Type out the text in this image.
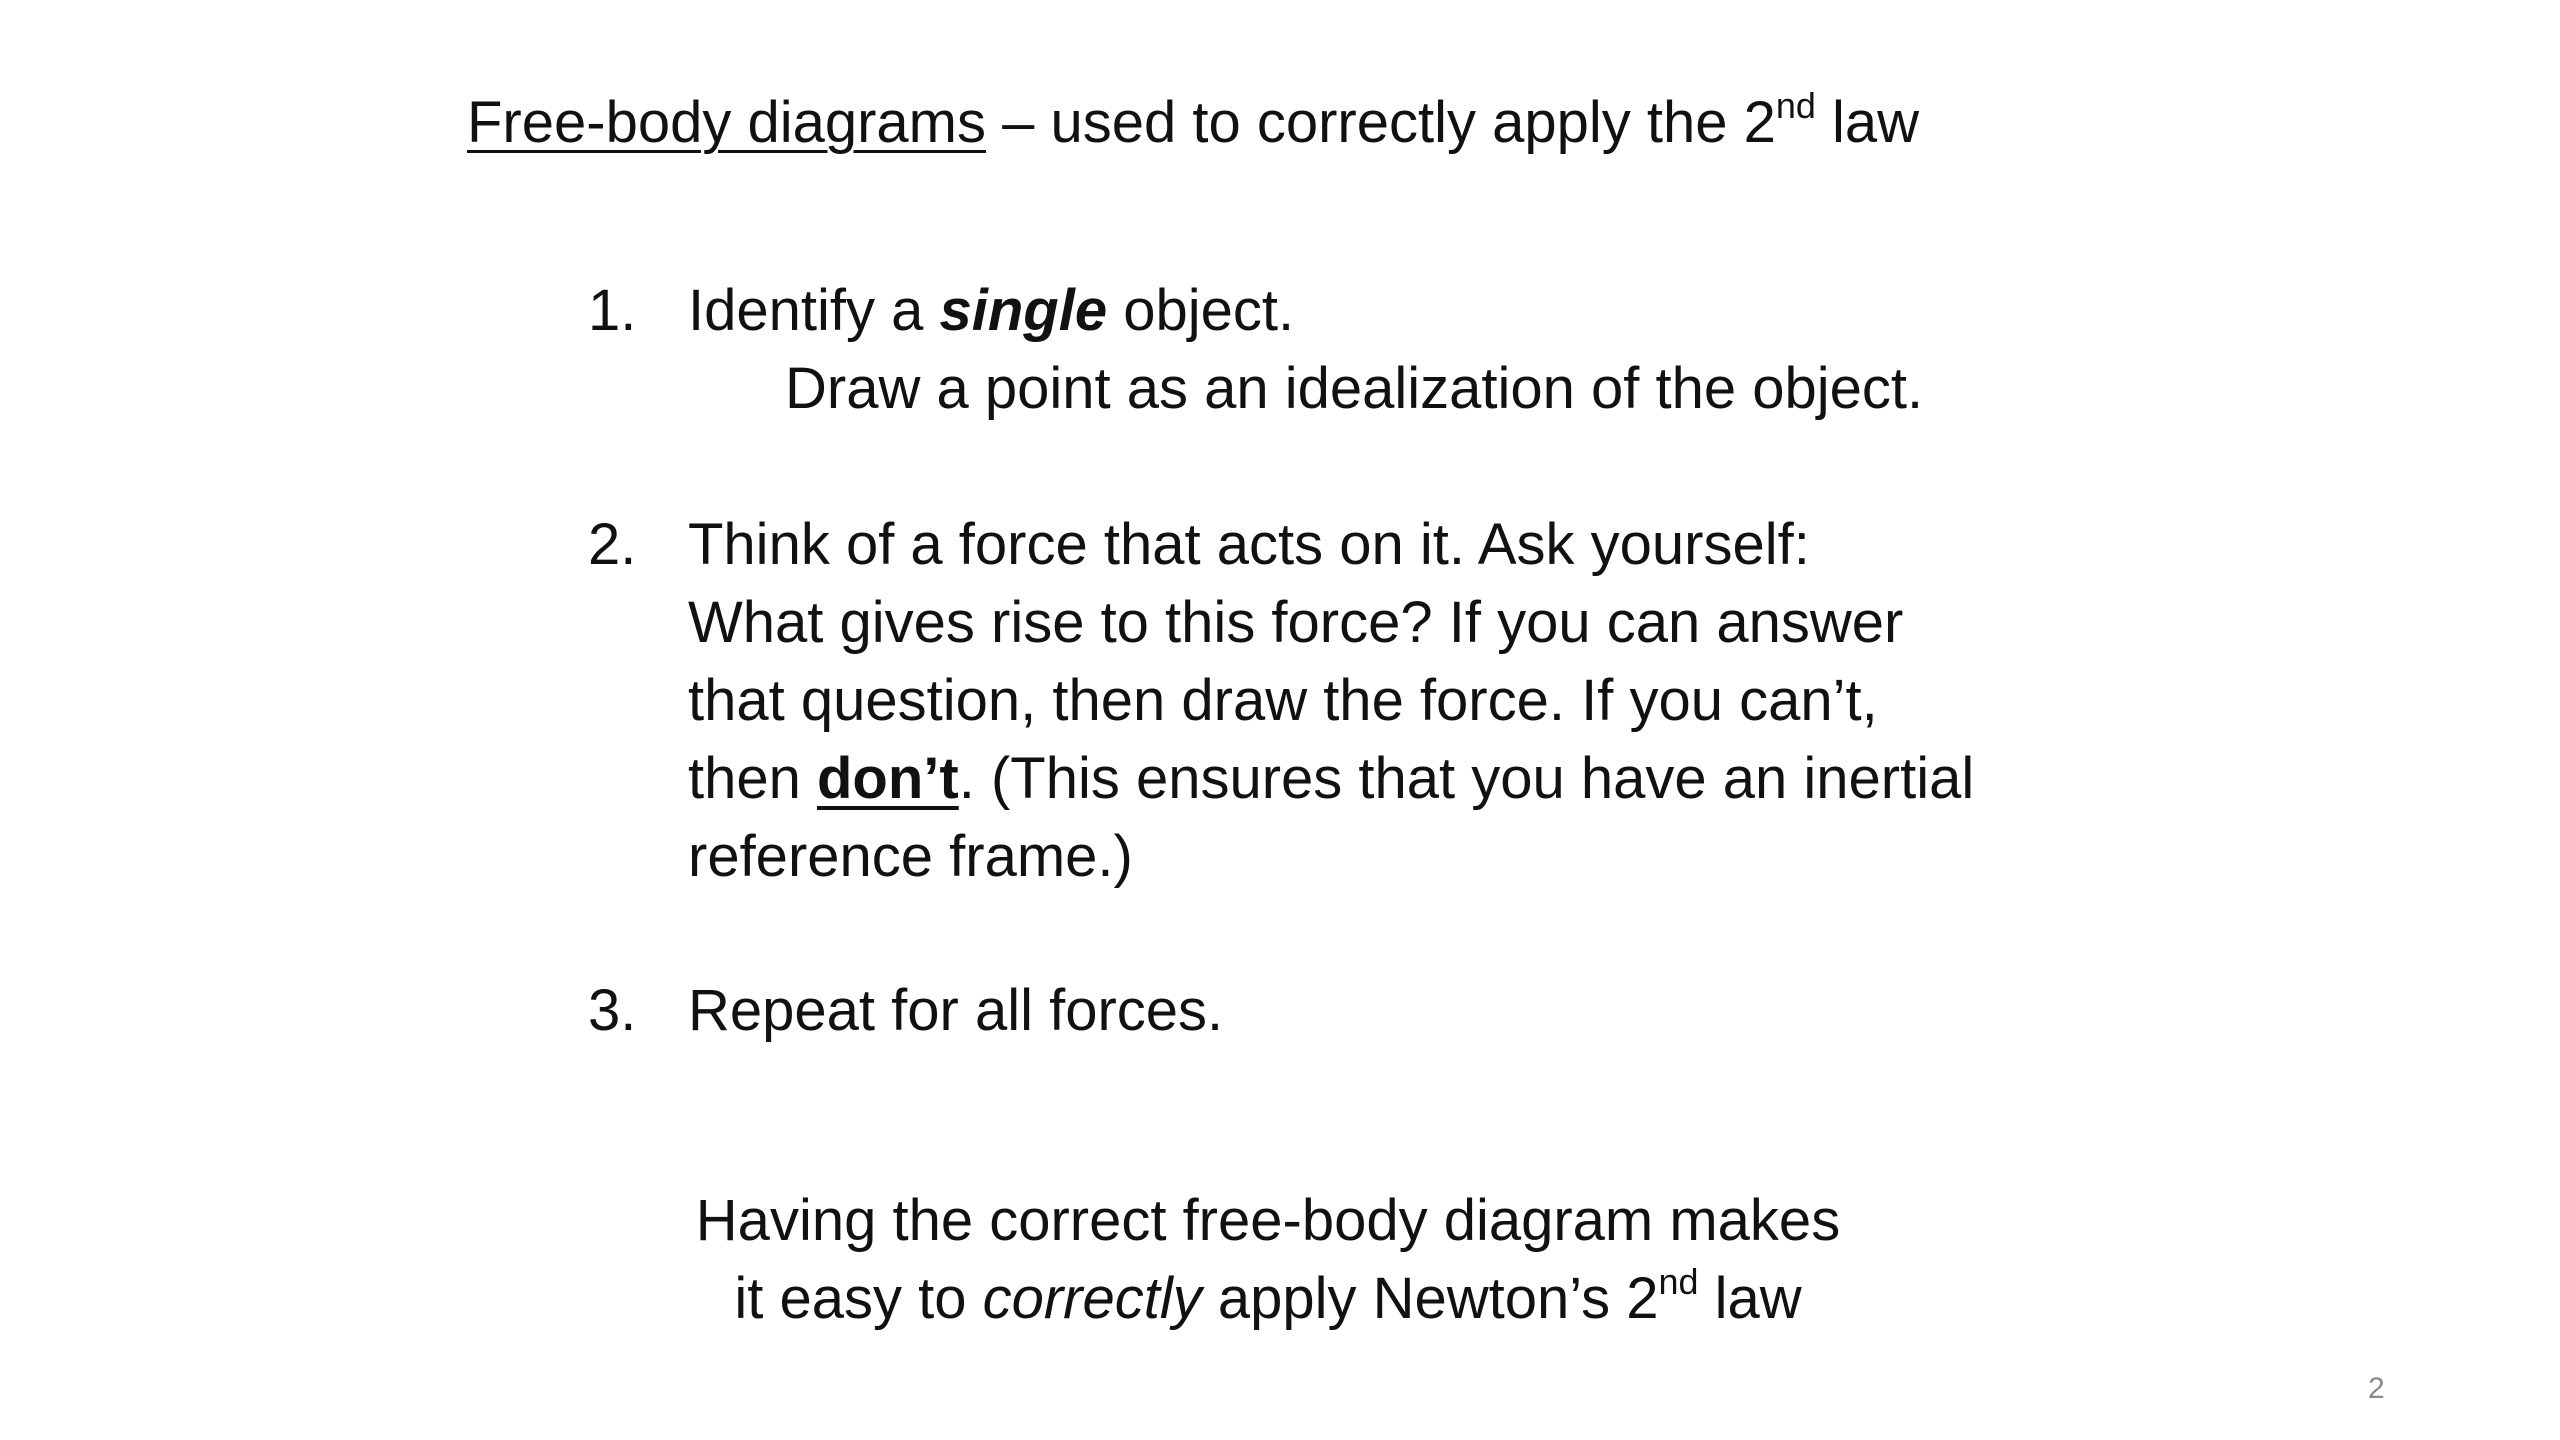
Free-body diagrams – used to correctly apply the 2nd law
1. Identify a single object.
Draw a point as an idealization of the object.
2. Think of a force that acts on it. Ask yourself:
What gives rise to this force? If you can answer
that question, then draw the force. If you can’t,
then don’t. (This ensures that you have an inertial
reference frame.)
3. Repeat for all forces.
Having the correct free-body diagram makes
it easy to correctly apply Newton’s 2nd law
2
